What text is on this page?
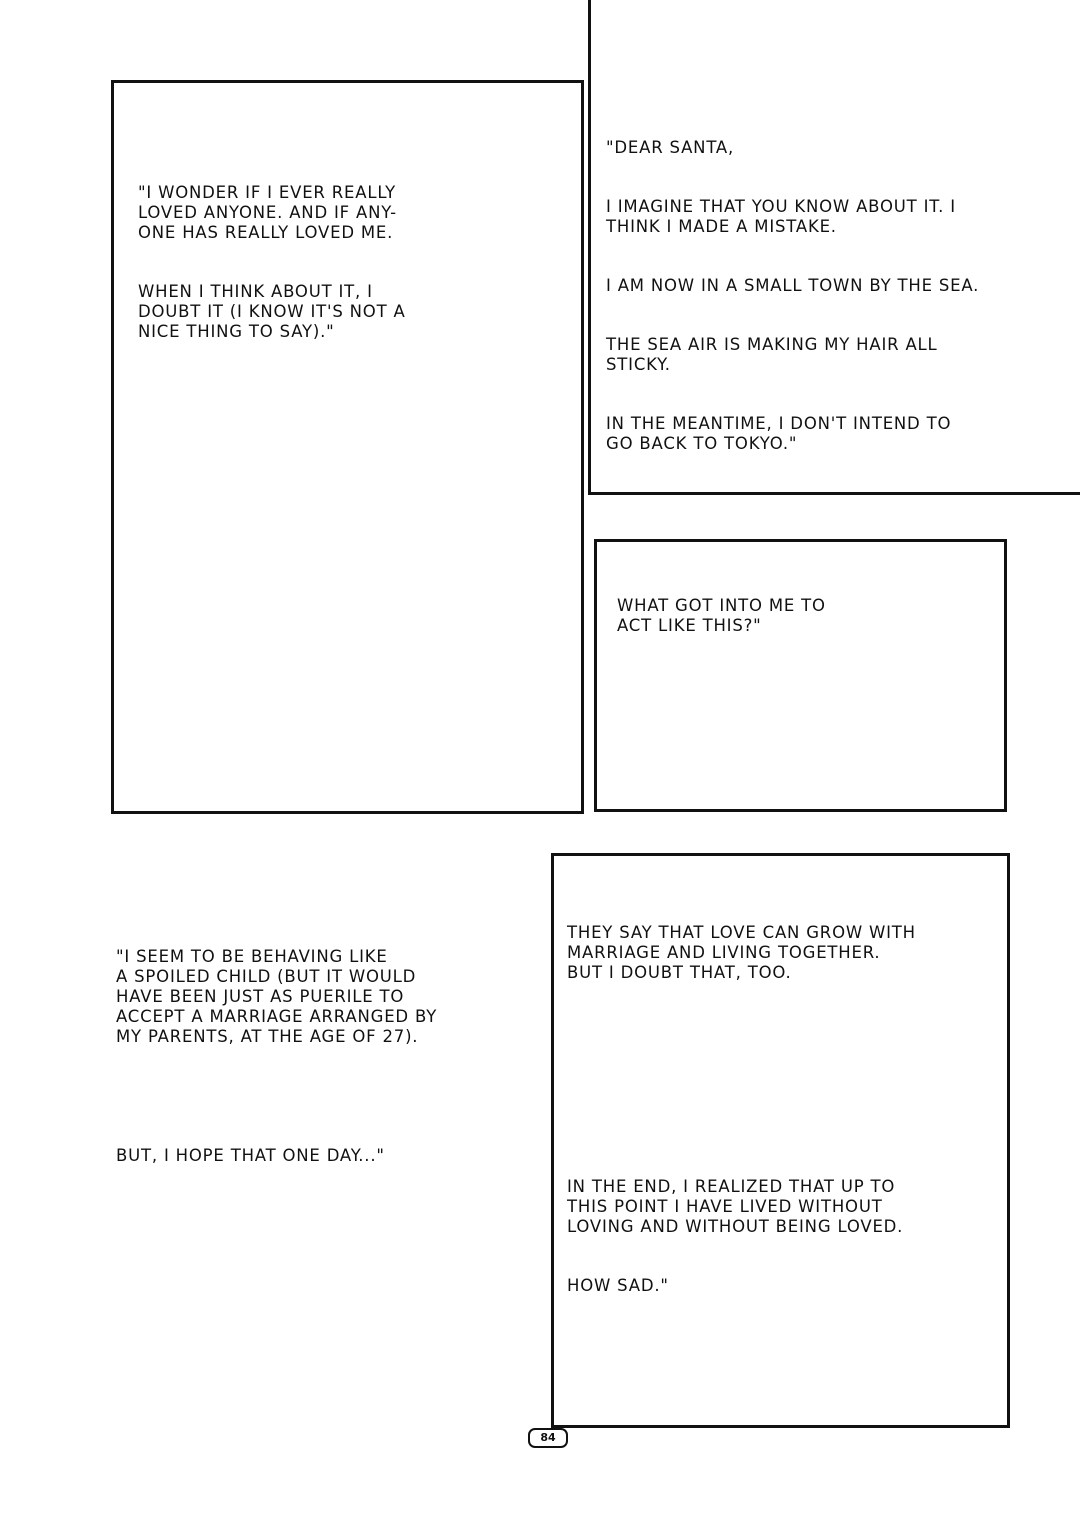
"I WONDER IF I EVER REALLY
LOVED ANYONE. AND IF ANY-
ONE HAS REALLY LOVED ME.

WHEN I THINK ABOUT IT, I
DOUBT IT (I KNOW IT'S NOT A
NICE THING TO SAY)."

"DEAR SANTA,

I IMAGINE THAT YOU KNOW ABOUT IT. I
THINK I MADE A MISTAKE.

I AM NOW IN A SMALL TOWN BY THE SEA.

THE SEA AIR IS MAKING MY HAIR ALL
STICKY.

IN THE MEANTIME, I DON'T INTEND TO
GO BACK TO TOKYO."

WHAT GOT INTO ME TO
ACT LIKE THIS?"

"I SEEM TO BE BEHAVING LIKE
A SPOILED CHILD (BUT IT WOULD
HAVE BEEN JUST AS PUERILE TO
ACCEPT A MARRIAGE ARRANGED BY
MY PARENTS, AT THE AGE OF 27).

BUT, I HOPE THAT ONE DAY..."

THEY SAY THAT LOVE CAN GROW WITH
MARRIAGE AND LIVING TOGETHER.
BUT I DOUBT THAT, TOO.

IN THE END, I REALIZED THAT UP TO
THIS POINT I HAVE LIVED WITHOUT
LOVING AND WITHOUT BEING LOVED.

HOW SAD."

84
